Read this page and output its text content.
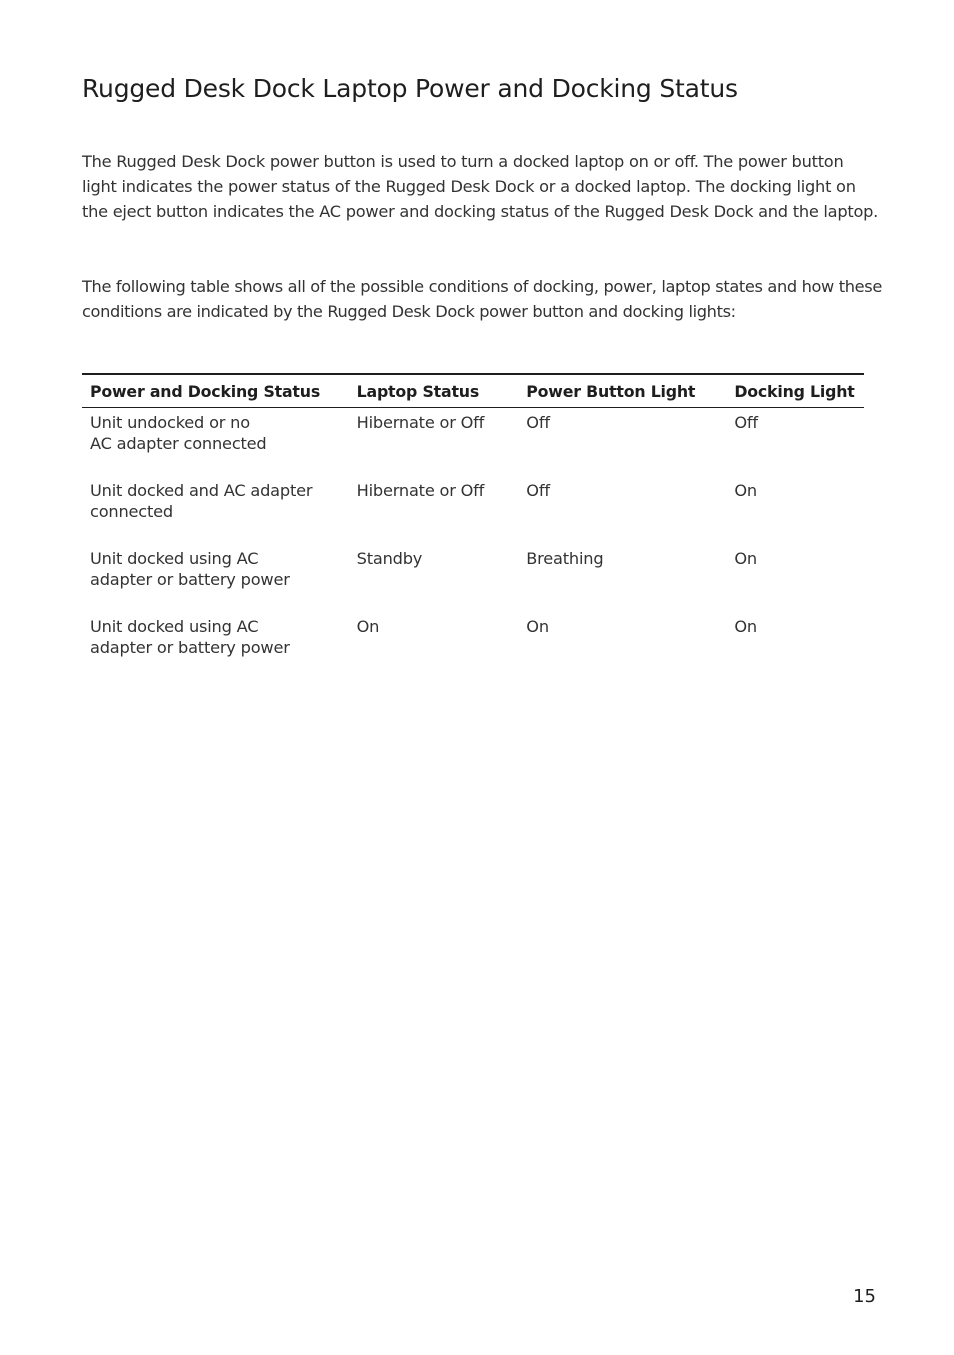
Rugged Desk Dock Laptop Power and Docking Status

The Rugged Desk Dock power button is used to turn a docked laptop on or off. The power button light indicates the power status of the Rugged Desk Dock or a docked laptop. The docking light on the eject button indicates the AC power and docking status of the Rugged Desk Dock and the laptop.

The following table shows all of the possible conditions of docking, power, laptop states and how these conditions are indicated by the Rugged Desk Dock power button and docking lights:

Power and Docking Status	Laptop Status	Power Button Light	Docking Light

Unit undocked or no
AC adapter connected	Hibernate or Off	Off	Off

Unit docked and AC adapter
connected	Hibernate or Off	Off	On

Unit docked using AC
adapter or battery power	Standby	Breathing	On

Unit docked using AC
adapter or battery power	On	On	On
15
